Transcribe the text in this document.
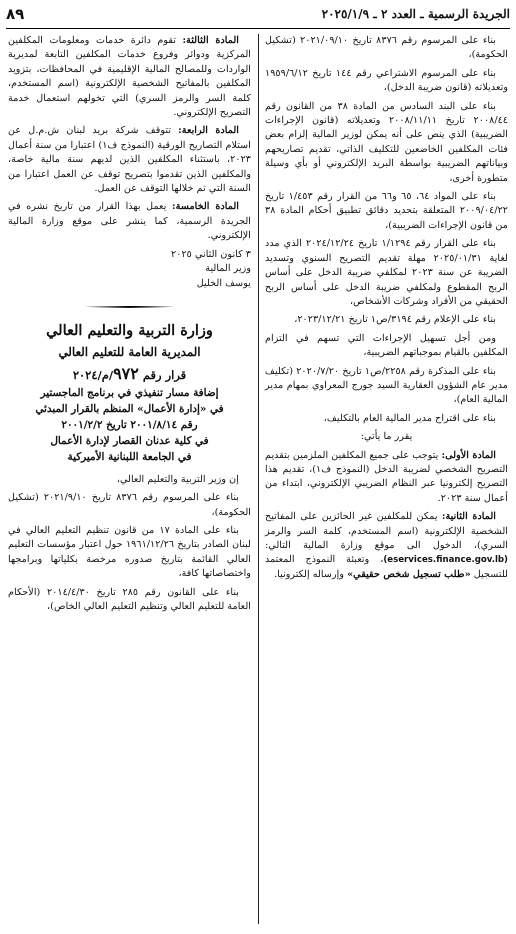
الجريدة الرسمية ـ العدد ٢ ـ ٢٠٢٥/١/٩
٨٩

بناء على المرسوم رقم ٨٣٧٦ تاريخ ٢٠٢١/٠٩/١٠ (تشكيل الحكومة)،

بناء على المرسوم الاشتراعي رقم ١٤٤ تاريخ ١٩٥٩/٦/١٢ وتعديلاته (قانون ضريبة الدخل)،

بناء على البند السادس من المادة ٣٨ من القانون رقم ٢٠٠٨/٤٤ تاريخ ٢٠٠٨/١١/١١ وتعديلاته (قانون الإجراءات الضريبية) الذي ينص على أنه يمكن لوزير المالية إلزام بعض فئات المكلفين الخاضعين للتكليف الذاتي، تقديم تصاريحهم وبياناتهم الضريبية بواسطة البريد الإلكتروني أو بأي وسيلة متطورة أخرى،

بناء على المواد ٦٤، ٦٥ و٦٦ من القرار رقم ١/٤٥٣ تاريخ ٢٠٠٩/٠٤/٢٢ المتعلقة بتحديد دقائق تطبيق أحكام المادة ٣٨ من قانون الإجراءات الضريبية)،

بناء على القرار رقم ١/١٢٩٤ تاريخ ٢٠٢٤/١٢/٢٤ الذي مدد لغاية ٢٠٢٥/٠١/٣١ مهلة تقديم التصريح السنوي وتسديد الضريبة عن سنة ٢٠٢٣ لمكلفي ضريبة الدخل على أساس الربح المقطوع ولمكلفي ضريبة الدخل على أساس الربح الحقيقي من الأفراد وشركات الأشخاص،

بناء على الإعلام رقم ٣١٩٤/ص١ تاريخ ٢٠٢٣/١٢/٢١،

ومن أجل تسهيل الإجراءات التي تسهم في التزام المكلفين بالقيام بموجباتهم الضريبية،

بناء على المذكرة رقم ٢٢٥٨/ص١ تاريخ ٢٠٢٠/٧/٢٠ (تكليف مدير عام الشؤون العقارية السيد جورج المعراوي بمهام مدير المالية العام)،

بناء على اقتراح مدير المالية العام بالتكليف،

يقرر ما يأتي:

المادة الأولى: يتوجب على جميع المكلفين الملزمين بتقديم التصريح الشخصي لضريبة الدخل (النموذج ف١)، تقديم هذا التصريح إلكترونيا عبر النظام الضريبي الإلكتروني، ابتداء من أعمال سنة ٢٠٢٣.

المادة الثانية: يمكن للمكلفين غير الحائزين على المفاتيح الشخصية الإلكترونية (اسم المستخدم، كلمة السر والرمز السري)، الدخول الى موقع وزارة المالية التالي: (eservices.finance.gov.lb)، وتعبئة النموذج المعتمد للتسجيل «طلب تسجيل شخص حقيقي» وإرساله إلكترونيا.

المادة الثالثة: تقوم دائرة خدمات ومعلومات المكلفين المركزية ودوائر وفروع خدمات المكلفين التابعة لمديرية الواردات وللمصالح المالية الإقليمية في المحافظات، بتزويد المكلفين بالمفاتيح الشخصية الإلكترونية (اسم المستخدم، كلمة السر والرمز السري) التي تخولهم استعمال خدمة التصريح الإلكتروني.

المادة الرابعة: تتوقف شركة بريد لبنان ش.م.ل عن استلام التصاريح الورقية (النموذج ف١) اعتبارا من سنة أعمال ٢٠٢٣، باستثناء المكلفين الذين لديهم سنة مالية خاصة، والمكلفين الذين تقدموا بتصريح توقف عن العمل اعتبارا من السنة التي تم خلالها التوقف عن العمل.

المادة الخامسة: يعمل بهذا القرار من تاريخ نشره في الجريدة الرسمية، كما ينشر على موقع وزارة المالية الإلكتروني.

٣ كانون الثاني ٢٠٢٥

وزير المالية

يوسف الخليل

وزارة التربية والتعليم العالي
المديرية العامة للتعليم العالي
قرار رقم ٩٧٢/م/٢٠٢٤
إضافة مسار تنفيذي في برنامج الماجستير
في «إدارة الأعمال» المنظم بالقرار المبدئي
رقم ٢٠٠١/٨/١٤ تاريخ ٢٠٠١/٢/٢
في كلية عدنان القصار لإدارة الأعمال
في الجامعة اللبنانية الأميركية

إن وزير التربية والتعليم العالي،

بناء على المرسوم رقم ٨٣٧٦ تاريخ ٢٠٢١/٩/١٠ (تشكيل الحكومة)،

بناء على المادة ١٧ من قانون تنظيم التعليم العالي في لبنان الصادر بتاريخ ١٩٦١/١٢/٢٦ حول اعتبار مؤسسات التعليم العالي القائمة بتاريخ صدوره مرخصة بكلياتها وبرامجها واختصاصاتها كافة،

بناء على القانون رقم ٢٨٥ تاريخ ٢٠١٤/٤/٣٠ (الأحكام العامة للتعليم العالي وتنظيم التعليم العالي الخاص)،
